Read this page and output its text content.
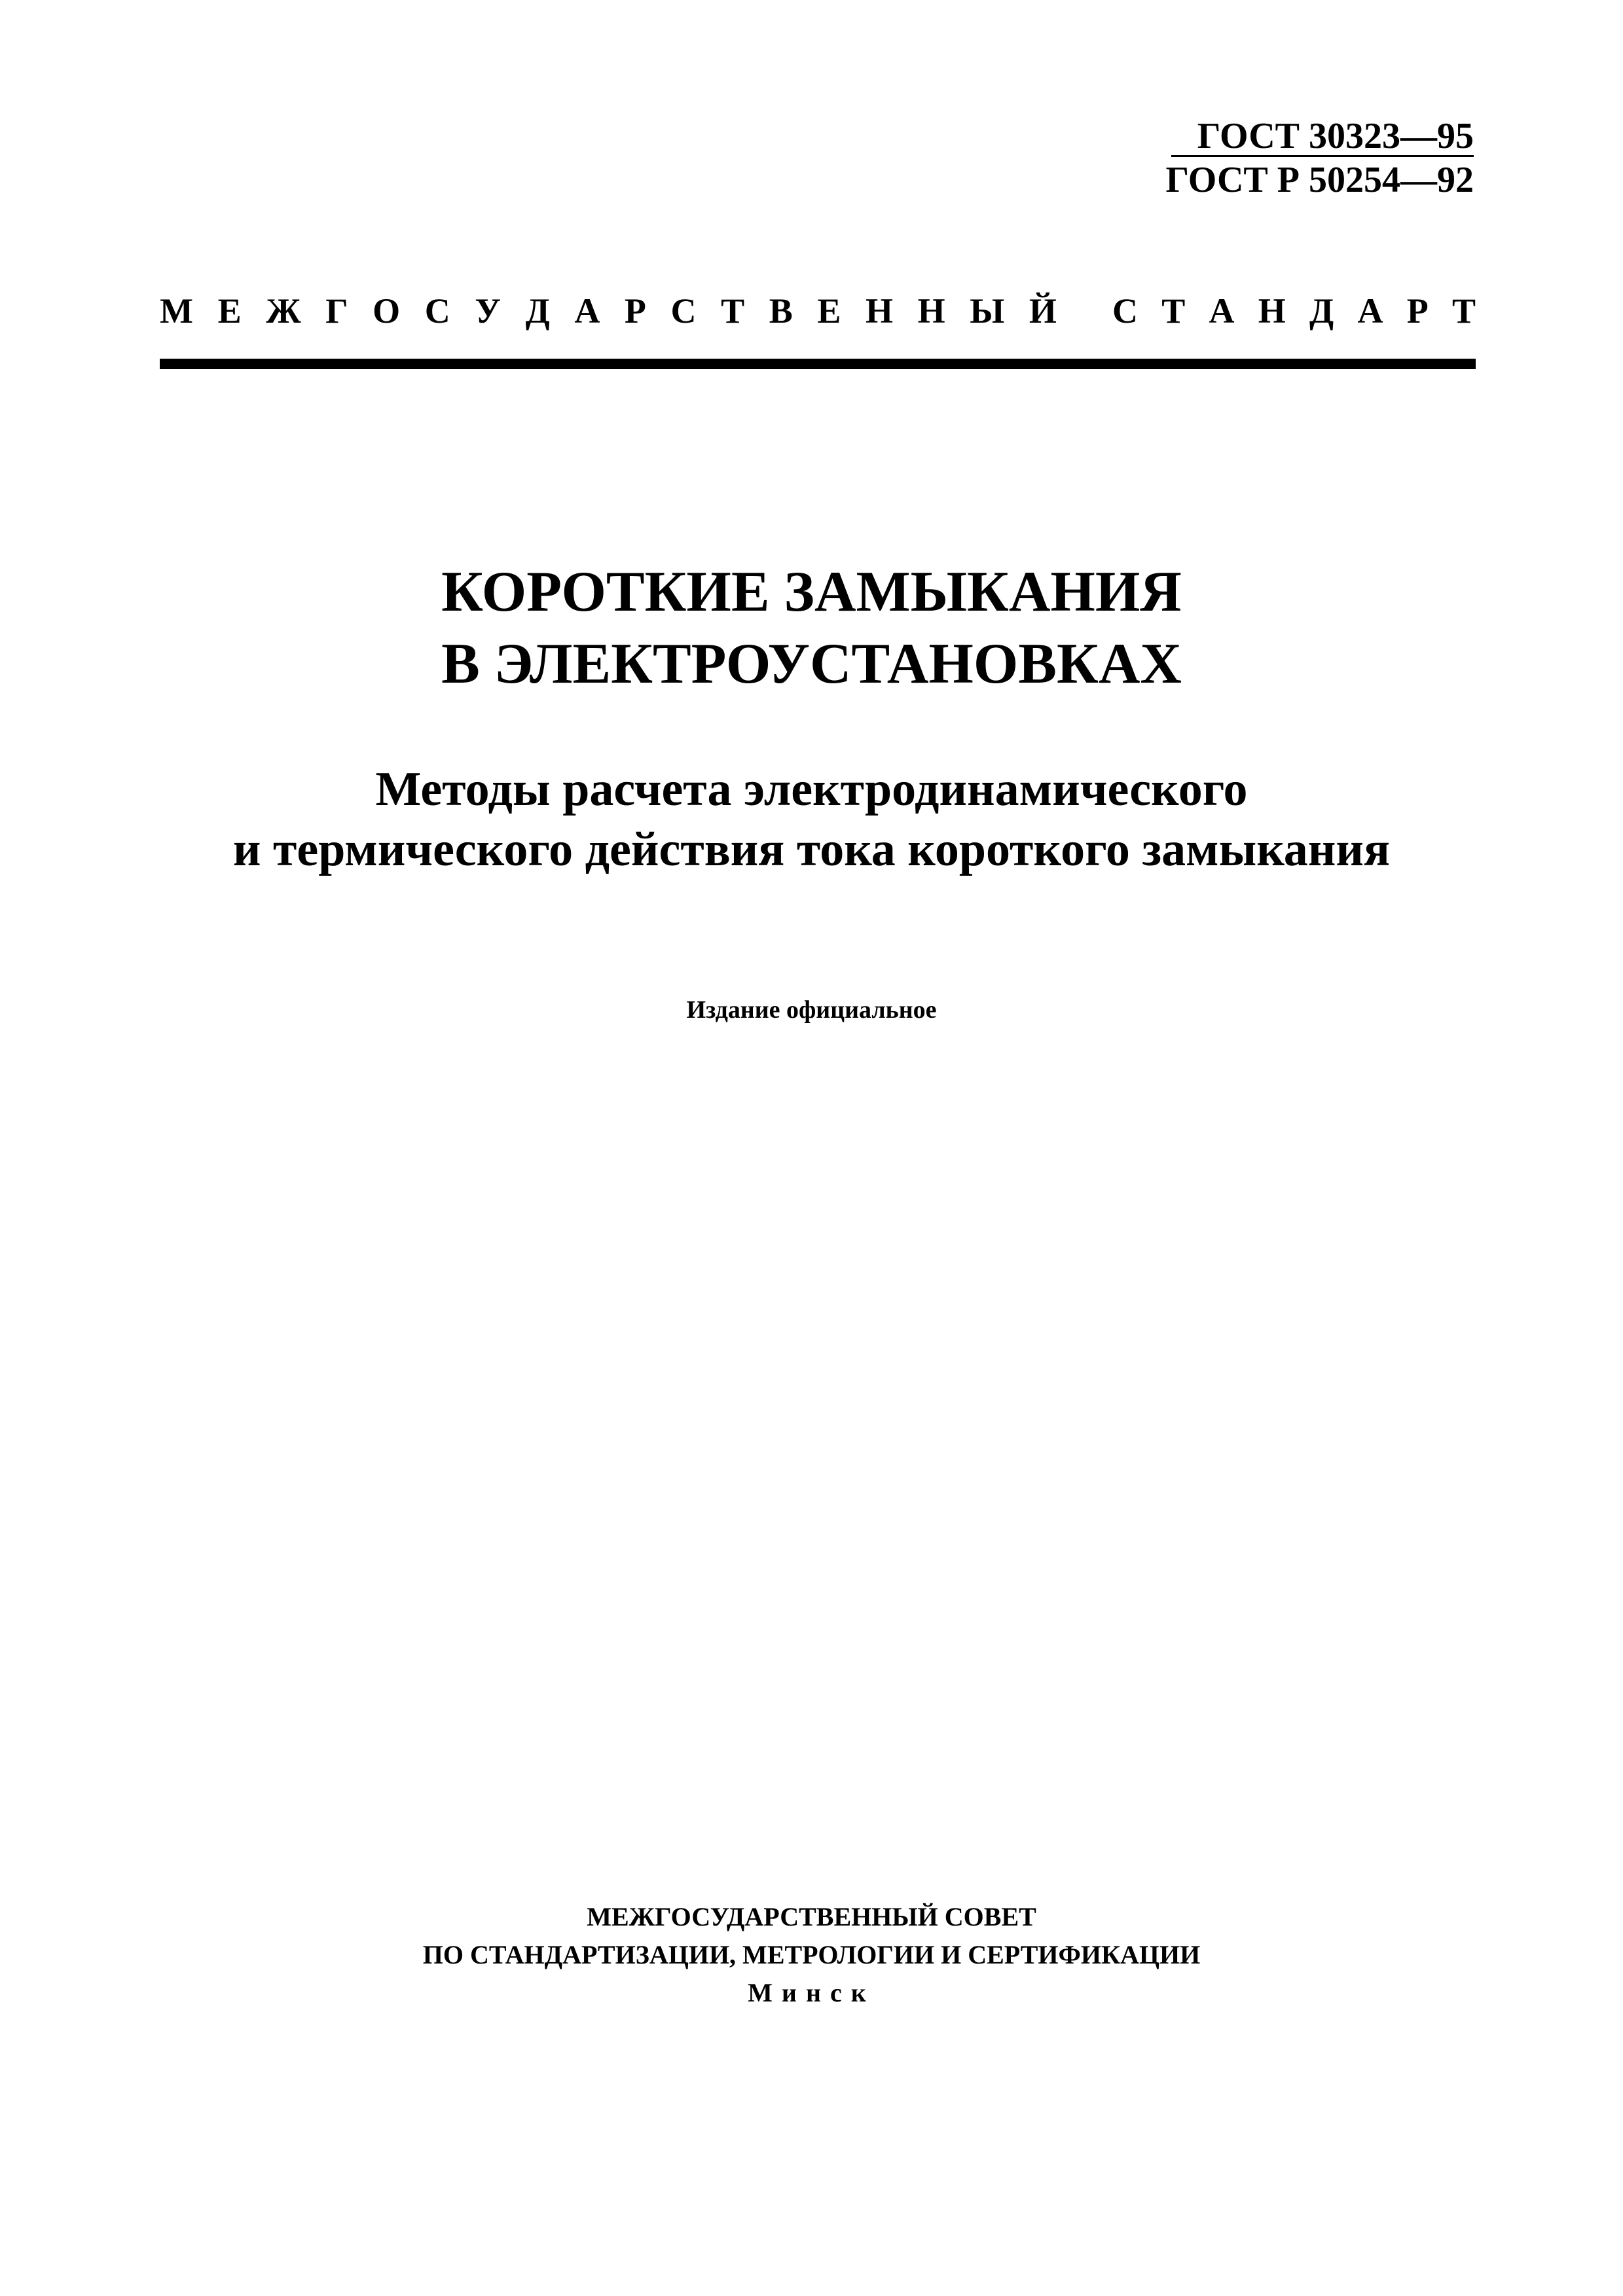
ГОСТ 30323—95
ГОСТ Р 50254—92
М Е Ж Г О С У Д А Р С Т В Е Н Н Ы Й С Т А Н Д А Р Т
КОРОТКИЕ ЗАМЫКАНИЯ
В ЭЛЕКТРОУСТАНОВКАХ
Методы расчета электродинамического
и термического действия тока короткого замыкания
Издание официальное
МЕЖГОСУДАРСТВЕННЫЙ СОВЕТ
ПО СТАНДАРТИЗАЦИИ, МЕТРОЛОГИИ И СЕРТИФИКАЦИИ
Минск
